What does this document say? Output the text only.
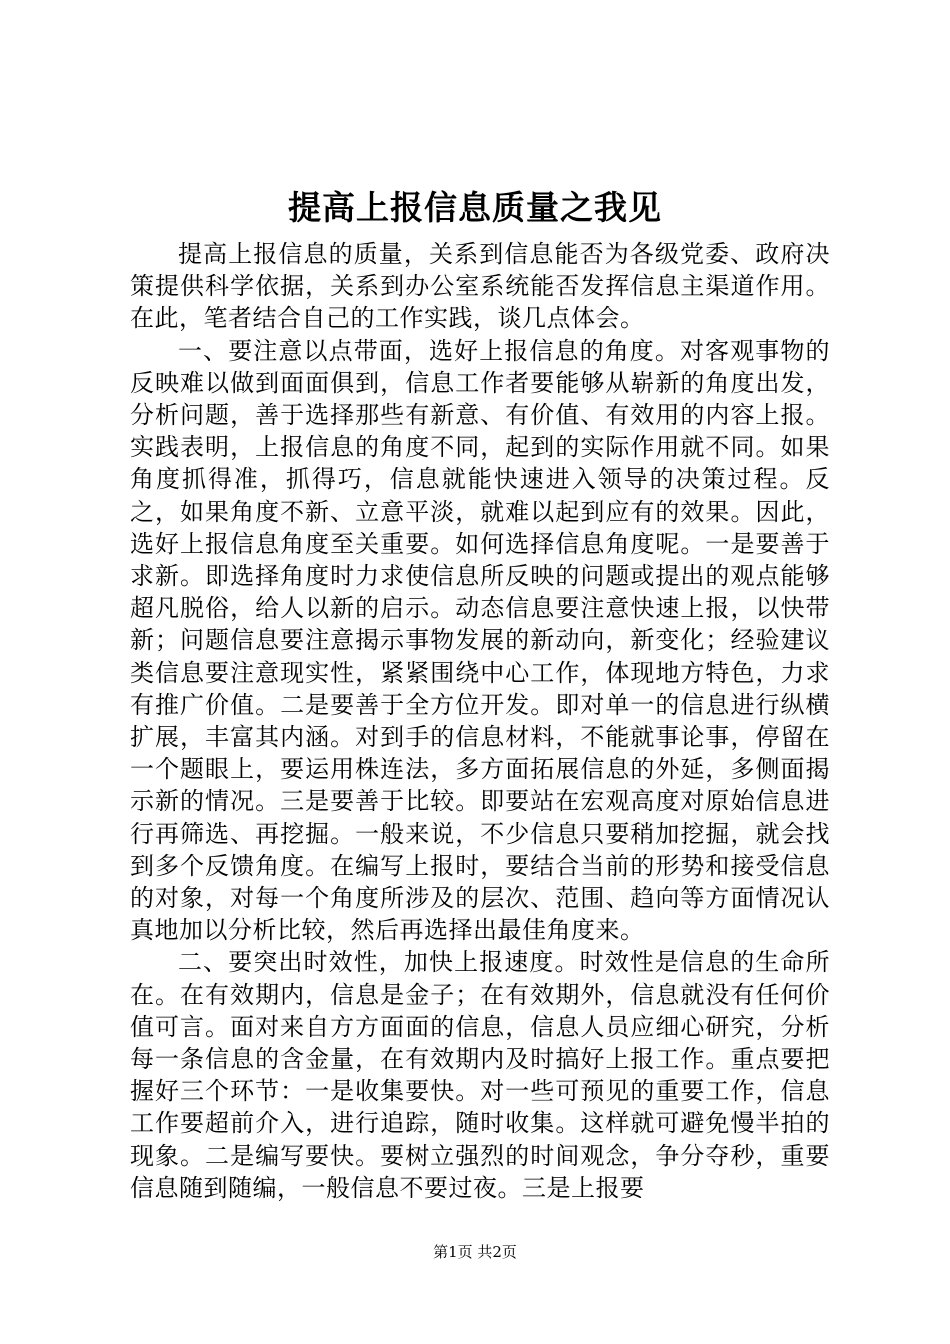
提高上报信息质量之我见

提高上报信息的质量，关系到信息能否为各级党委、政府决策提供科学依据，关系到办公室系统能否发挥信息主渠道作用。在此，笔者结合自己的工作实践，谈几点体会。

一、要注意以点带面，选好上报信息的角度。对客观事物的反映难以做到面面俱到，信息工作者要能够从崭新的角度出发，分析问题，善于选择那些有新意、有价值、有效用的内容上报。实践表明，上报信息的角度不同，起到的实际作用就不同。如果角度抓得准，抓得巧，信息就能快速进入领导的决策过程。反之，如果角度不新、立意平淡，就难以起到应有的效果。因此，选好上报信息角度至关重要。如何选择信息角度呢。一是要善于求新。即选择角度时力求使信息所反映的问题或提出的观点能够超凡脱俗，给人以新的启示。动态信息要注意快速上报，以快带新；问题信息要注意揭示事物发展的新动向，新变化；经验建议类信息要注意现实性，紧紧围绕中心工作，体现地方特色，力求有推广价值。二是要善于全方位开发。即对单一的信息进行纵横扩展，丰富其内涵。对到手的信息材料，不能就事论事，停留在一个题眼上，要运用株连法，多方面拓展信息的外延，多侧面揭示新的情况。三是要善于比较。即要站在宏观高度对原始信息进行再筛选、再挖掘。一般来说，不少信息只要稍加挖掘，就会找到多个反馈角度。在编写上报时，要结合当前的形势和接受信息的对象，对每一个角度所涉及的层次、范围、趋向等方面情况认真地加以分析比较，然后再选择出最佳角度来。

二、要突出时效性，加快上报速度。时效性是信息的生命所在。在有效期内，信息是金子；在有效期外，信息就没有任何价值可言。面对来自方方面面的信息，信息人员应细心研究，分析每一条信息的含金量，在有效期内及时搞好上报工作。重点要把握好三个环节：一是收集要快。对一些可预见的重要工作，信息工作要超前介入，进行追踪，随时收集。这样就可避免慢半拍的现象。二是编写要快。要树立强烈的时间观念，争分夺秒，重要信息随到随编，一般信息不要过夜。三是上报要

第1页 共2页
